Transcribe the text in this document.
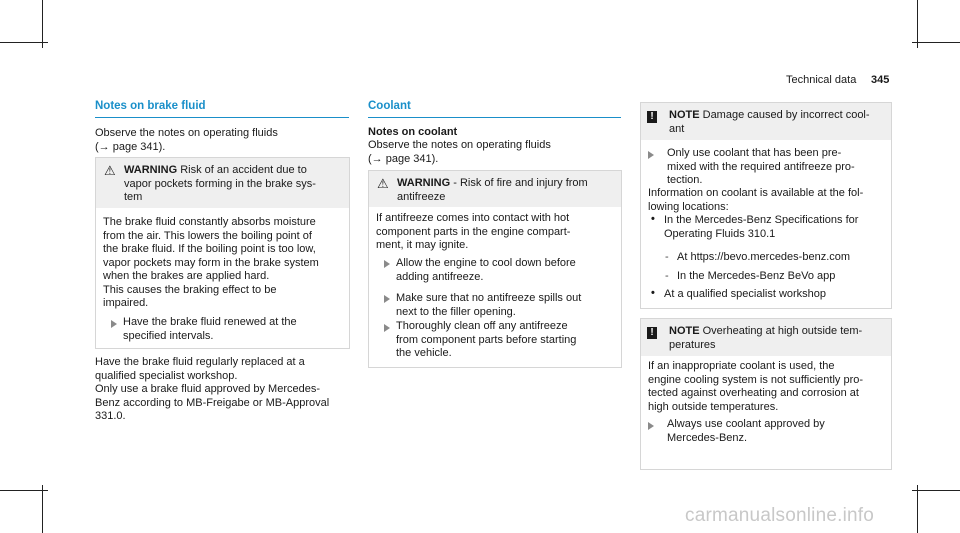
Technical data 345
Notes on brake fluid
Observe the notes on operating fluids
(→ page 341).
⚠ WARNING Risk of an accident due to
vapor pockets forming in the brake sys-
tem
The brake fluid constantly absorbs moisture
from the air. This lowers the boiling point of
the brake fluid. If the boiling point is too low,
vapor pockets may form in the brake system
when the brakes are applied hard.
This causes the braking effect to be
impaired.
Have the brake fluid renewed at the
specified intervals.
Have the brake fluid regularly replaced at a
qualified specialist workshop.
Only use a brake fluid approved by Mercedes-
Benz according to MB-Freigabe or MB-Approval
331.0.
Coolant
Notes on coolant
Observe the notes on operating fluids
(→ page 341).
⚠ WARNING - Risk of fire and injury from
antifreeze
If antifreeze comes into contact with hot
component parts in the engine compart-
ment, it may ignite.
Allow the engine to cool down before
adding antifreeze.
Make sure that no antifreeze spills out
next to the filler opening.
Thoroughly clean off any antifreeze
from component parts before starting
the vehicle.
!	NOTE Damage caused by incorrect cool-
ant
Only use coolant that has been pre-
mixed with the required antifreeze pro-
tection.
Information on coolant is available at the fol-
lowing locations:
• In the Mercedes-Benz Specifications for
Operating Fluids 310.1
- At https://bevo.mercedes-benz.com
- In the Mercedes-Benz BeVo app
• At a qualified specialist workshop
!	NOTE Overheating at high outside tem-
peratures
If an inappropriate coolant is used, the
engine cooling system is not sufficiently pro-
tected against overheating and corrosion at
high outside temperatures.
Always use coolant approved by
Mercedes-Benz.
carmanualsonline.info
